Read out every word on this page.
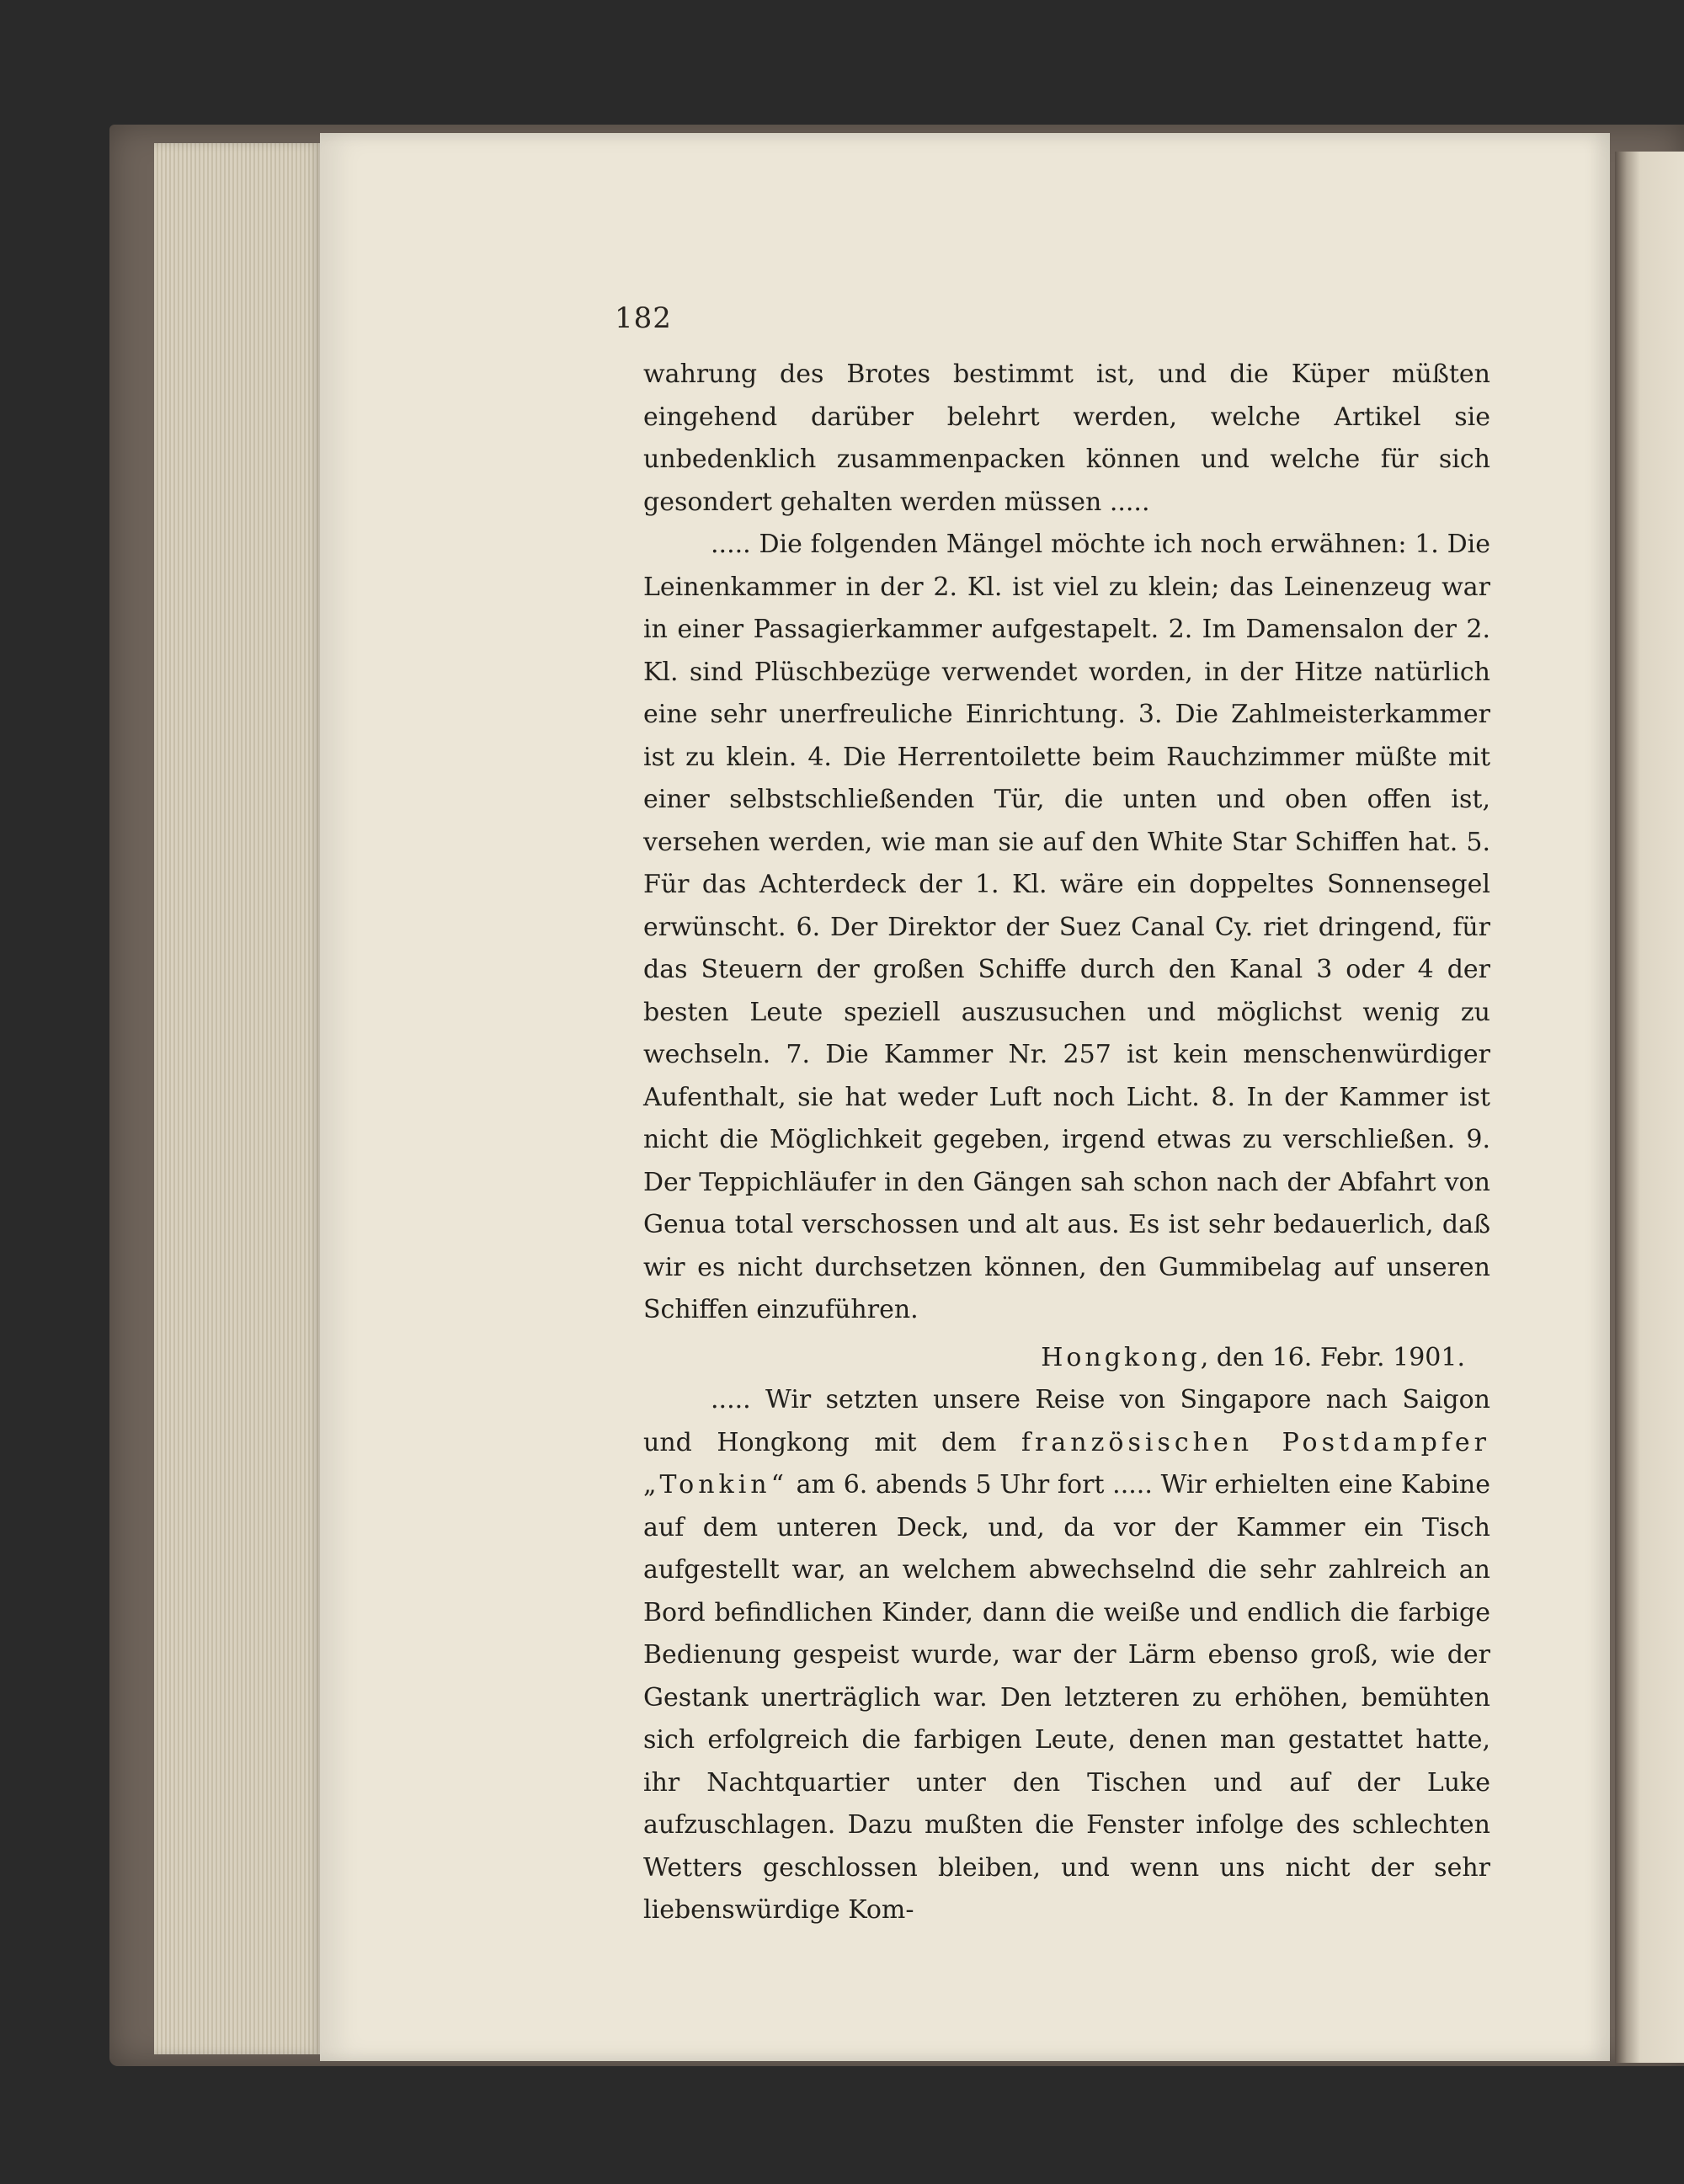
182

wahrung des Brotes bestimmt ist, und die Küper müßten eingehend darüber belehrt werden, welche Artikel sie unbedenklich zusammenpacken können und welche für sich gesondert gehalten werden müssen .....

..... Die folgenden Mängel möchte ich noch erwähnen: 1. Die Leinenkammer in der 2. Kl. ist viel zu klein; das Leinenzeug war in einer Passagierkammer aufgestapelt. 2. Im Damensalon der 2. Kl. sind Plüschbezüge verwendet worden, in der Hitze natürlich eine sehr unerfreuliche Einrichtung. 3. Die Zahlmeisterkammer ist zu klein. 4. Die Herrentoilette beim Rauchzimmer müßte mit einer selbstschließenden Tür, die unten und oben offen ist, versehen werden, wie man sie auf den White Star Schiffen hat. 5. Für das Achterdeck der 1. Kl. wäre ein doppeltes Sonnensegel erwünscht. 6. Der Direktor der Suez Canal Cy. riet dringend, für das Steuern der großen Schiffe durch den Kanal 3 oder 4 der besten Leute speziell auszusuchen und möglichst wenig zu wechseln. 7. Die Kammer Nr. 257 ist kein menschenwürdiger Aufenthalt, sie hat weder Luft noch Licht. 8. In der Kammer ist nicht die Möglichkeit gegeben, irgend etwas zu verschließen. 9. Der Teppichläufer in den Gängen sah schon nach der Abfahrt von Genua total verschossen und alt aus. Es ist sehr bedauerlich, daß wir es nicht durchsetzen können, den Gummibelag auf unseren Schiffen einzuführen.

Hongkong, den 16. Febr. 1901.

..... Wir setzten unsere Reise von Singapore nach Saigon und Hongkong mit dem französischen Postdampfer „Tonkin“ am 6. abends 5 Uhr fort ..... Wir erhielten eine Kabine auf dem unteren Deck, und, da vor der Kammer ein Tisch aufgestellt war, an welchem abwechselnd die sehr zahlreich an Bord befindlichen Kinder, dann die weiße und endlich die farbige Bedienung gespeist wurde, war der Lärm ebenso groß, wie der Gestank unerträglich war. Den letzteren zu erhöhen, bemühten sich erfolgreich die farbigen Leute, denen man gestattet hatte, ihr Nachtquartier unter den Tischen und auf der Luke aufzuschlagen. Dazu mußten die Fenster infolge des schlechten Wetters geschlossen bleiben, und wenn uns nicht der sehr liebenswürdige Kom-
